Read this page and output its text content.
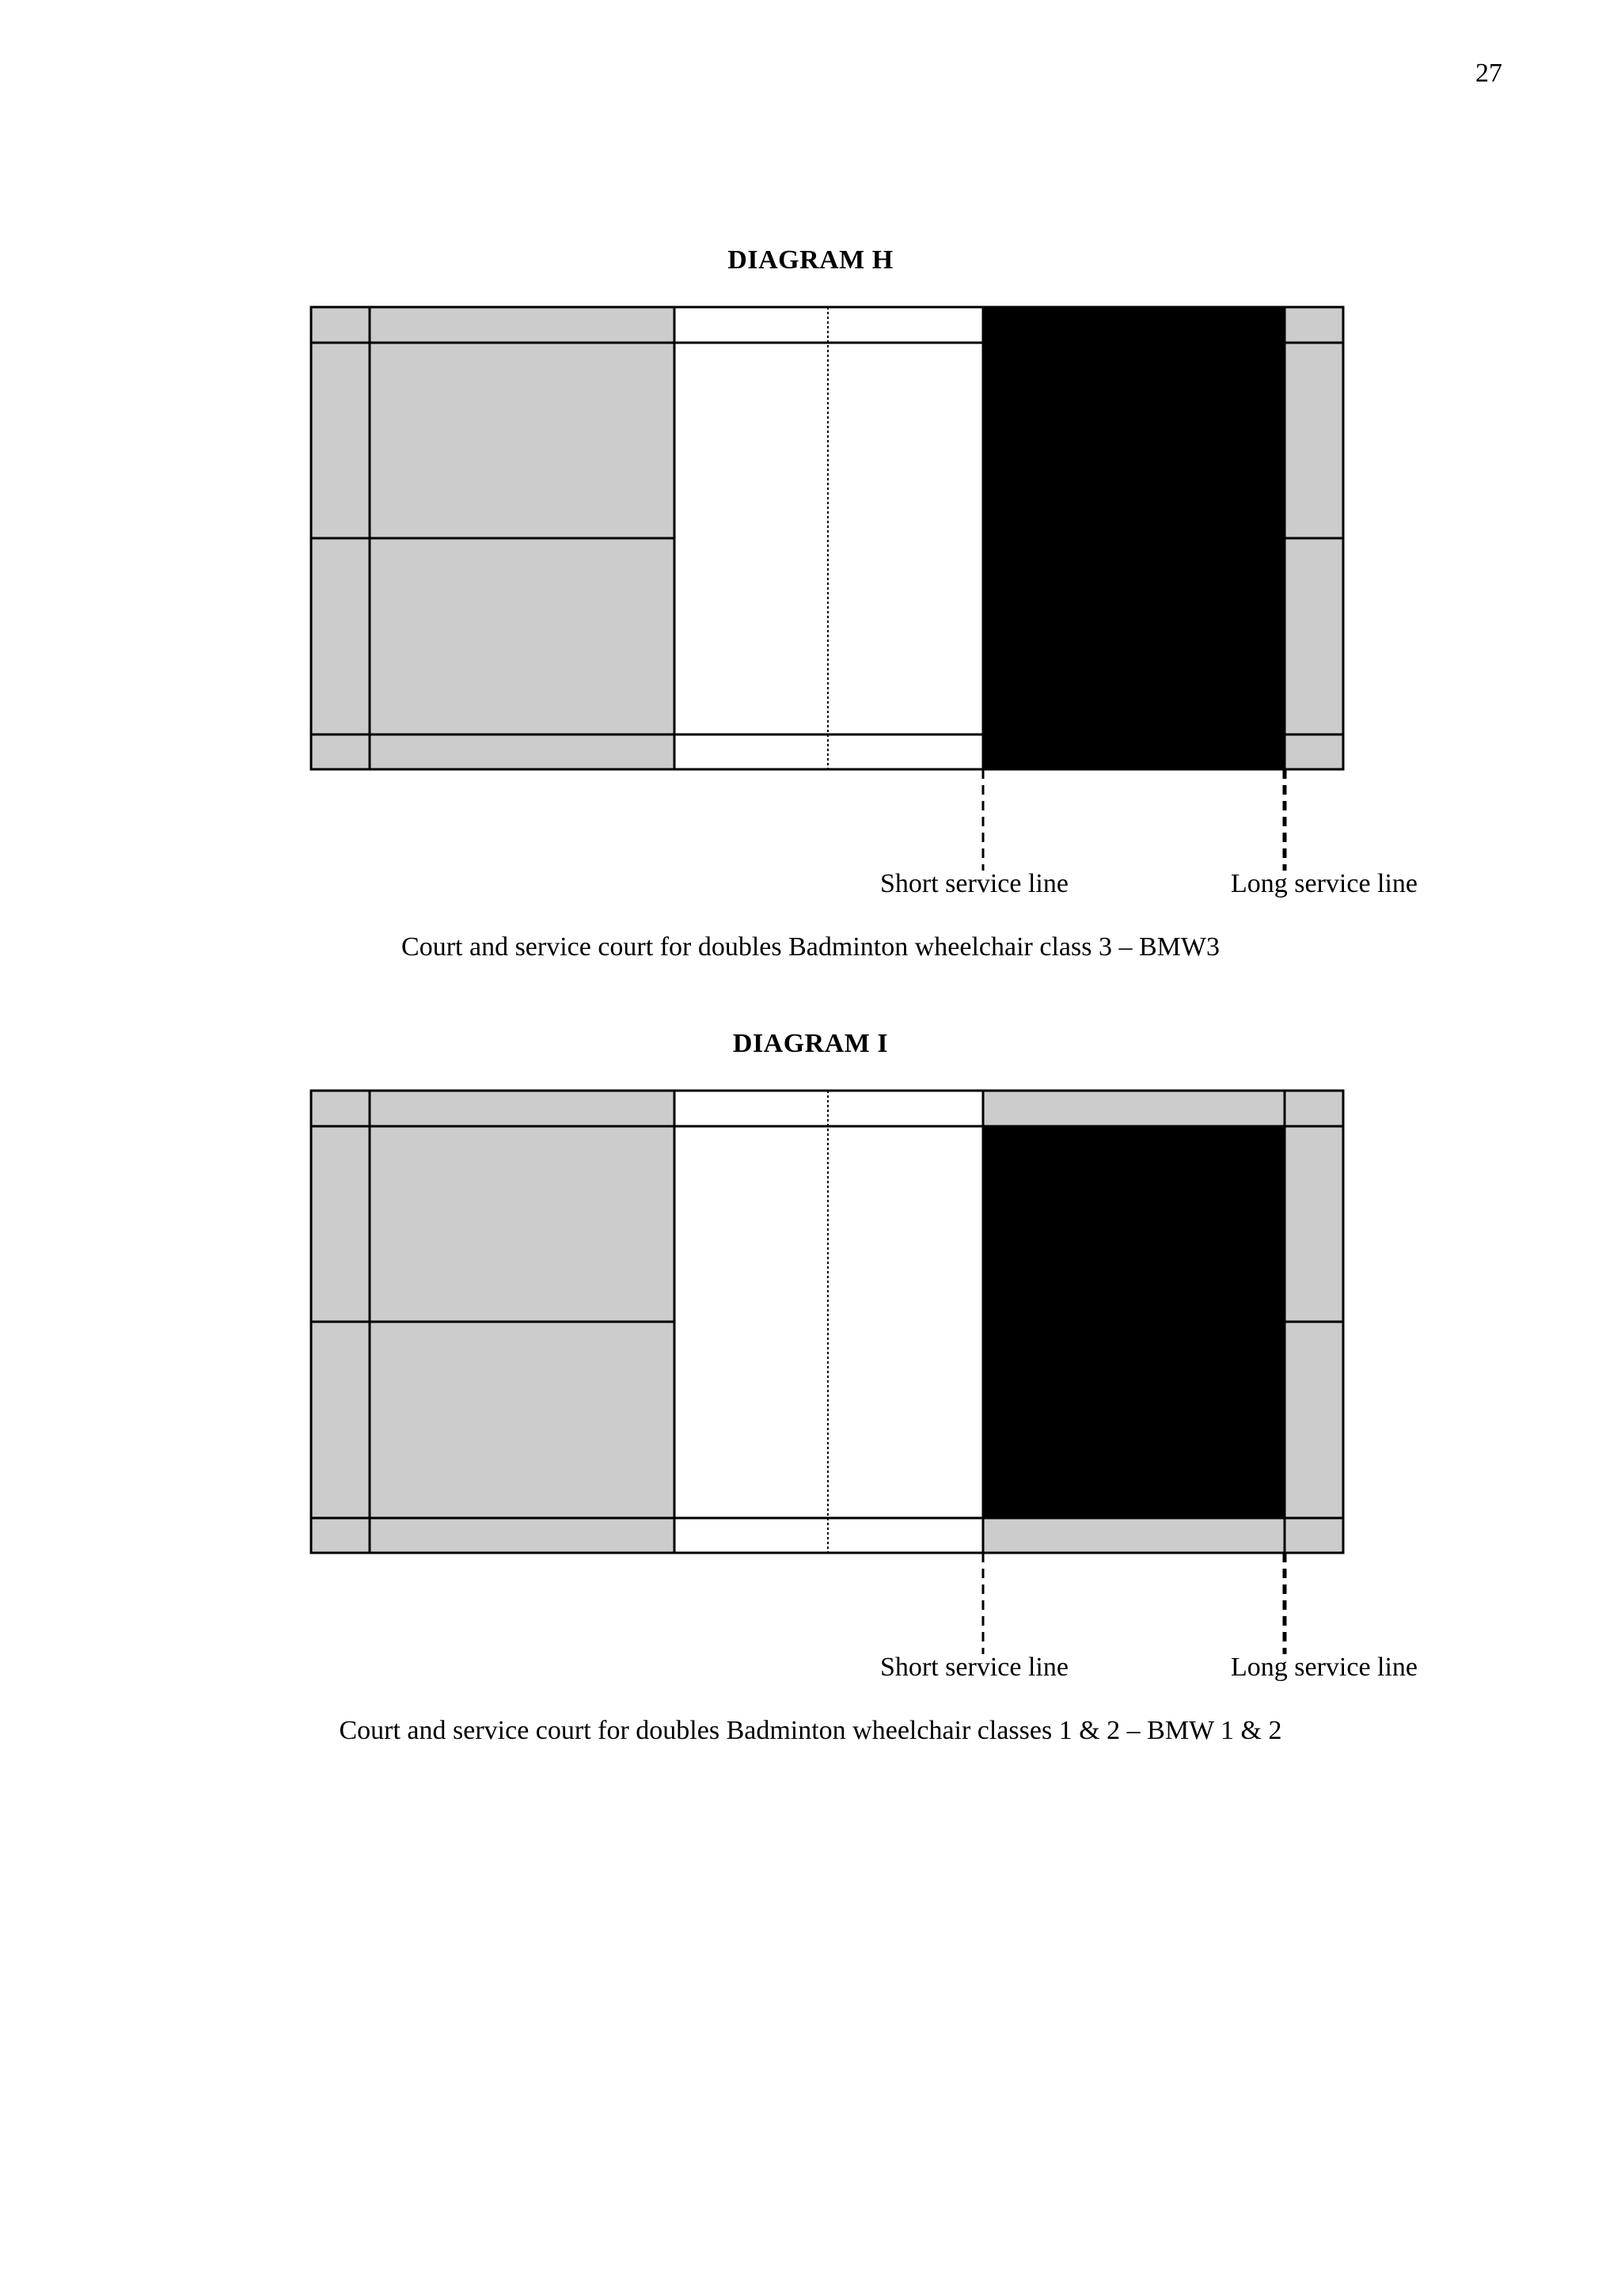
27
DIAGRAM H
Short service line	Long service line
Court and service court for doubles Badminton wheelchair class 3 – BMW3
DIAGRAM I
Short service line	Long service line
Court and service court for doubles Badminton wheelchair classes 1 & 2 – BMW 1 & 2
